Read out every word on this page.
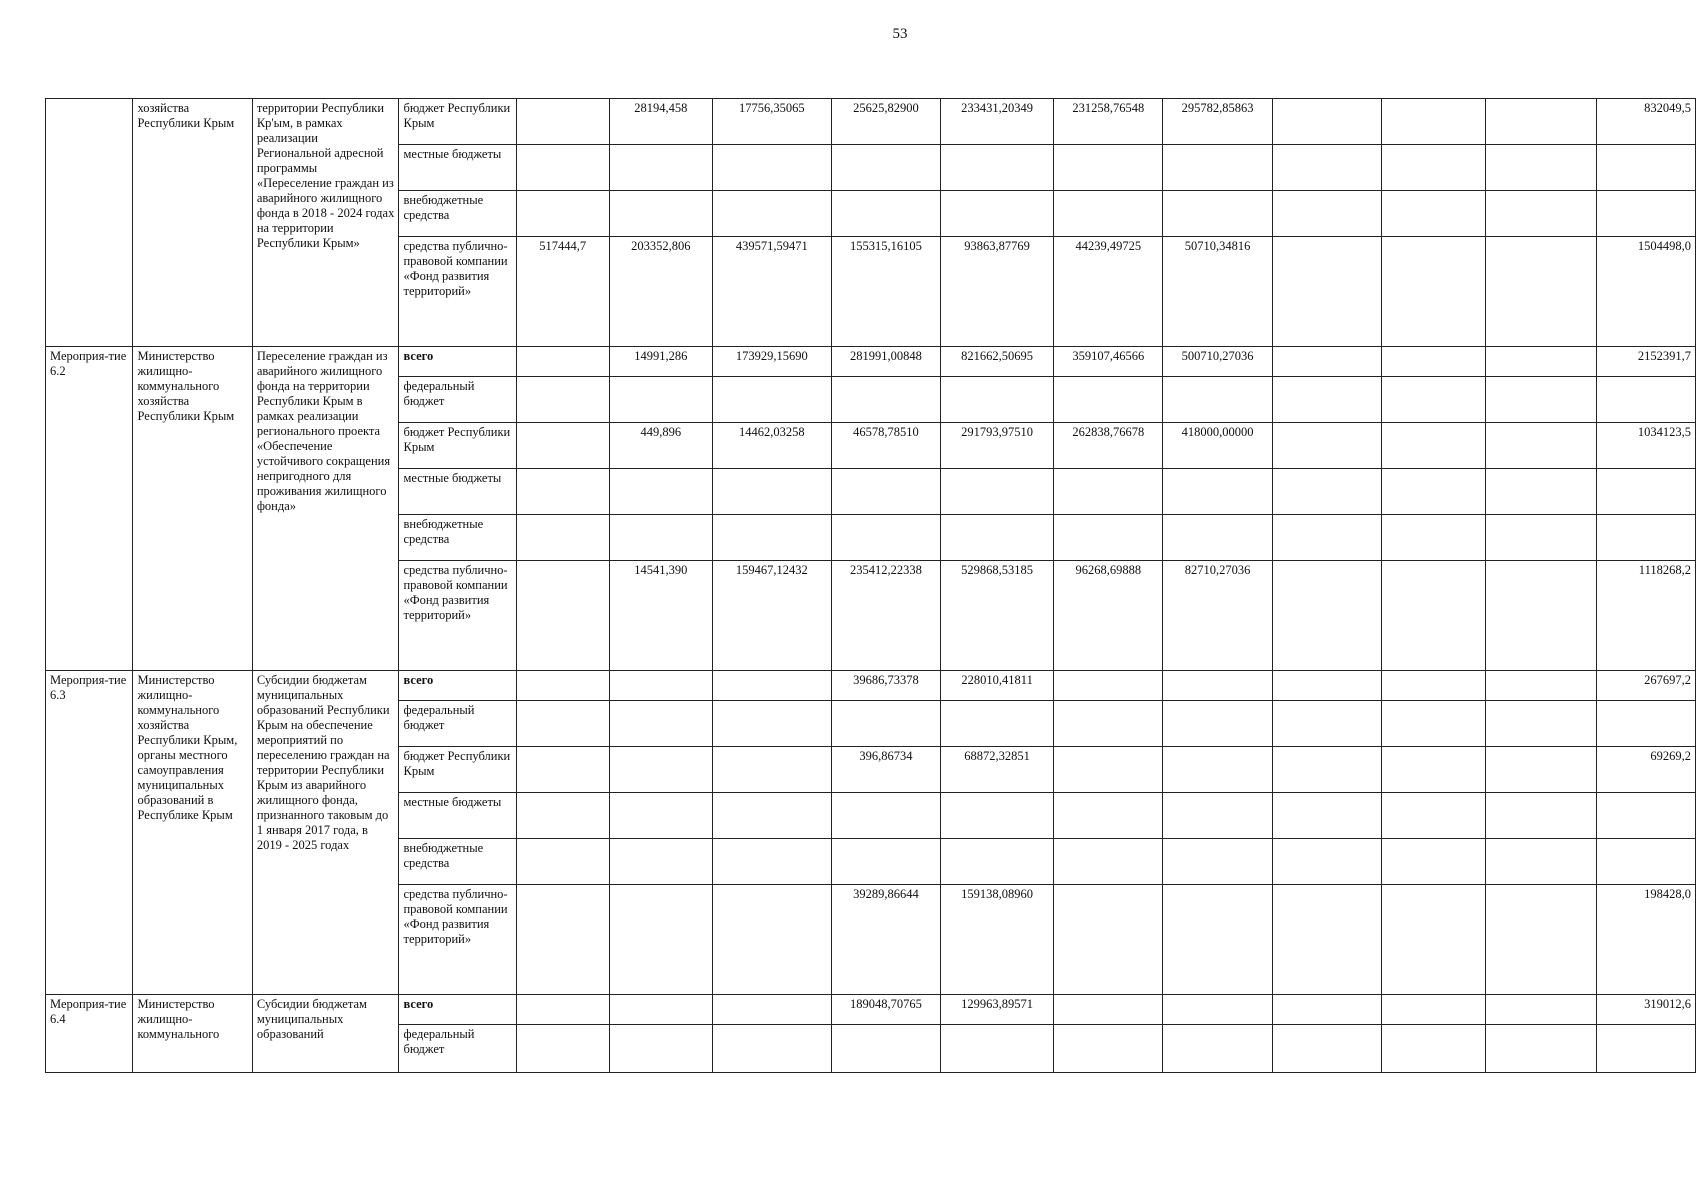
53
	хозяйства Республики Крым	территории Республики Кр'ым, в рамках реализации Региональной адресной программы «Переселение граждан из аварийного жилищного фонда в 2018 - 2024 годах на территории Республики Крым»	бюджет Республики Крым		28194,458	17756,35065	25625,82900	233431,20349	231258,76548	295782,85863				832049,5
			местные бюджеты											
			внебюджетные средства											
			средства публично-правовой компании «Фонд развития территорий»	517444,7	203352,806	439571,59471	155315,16105	93863,87769	44239,49725	50710,34816				1504498,0
Мероприя-тие 6.2	Министерство жилищно-коммунального хозяйства Республики Крым	Переселение граждан из аварийного жилищного фонда на территории Республики Крым в рамках реализации регионального проекта «Обеспечение устойчивого сокращения непригодного для проживания жилищного фонда»	всего		14991,286	173929,15690	281991,00848	821662,50695	359107,46566	500710,27036				2152391,7
			федеральный бюджет											
			бюджет Республики Крым		449,896	14462,03258	46578,78510	291793,97510	262838,76678	418000,00000				1034123,5
			местные бюджеты											
			внебюджетные средства											
			средства публично-правовой компании «Фонд развития территорий»		14541,390	159467,12432	235412,22338	529868,53185	96268,69888	82710,27036				1118268,2
Мероприя-тие 6.3	Министерство жилищно-коммунального хозяйства Республики Крым, органы местного самоуправления муниципальных образований в Республике Крым	Субсидии бюджетам муниципальных образований Республики Крым на обеспечение мероприятий по переселению граждан на территории Республики Крым из аварийного жилищного фонда, признанного таковым до 1 января 2017 года, в 2019 - 2025 годах	всего				39686,73378	228010,41811						267697,2
			федеральный бюджет											
			бюджет Республики Крым				396,86734	68872,32851						69269,2
			местные бюджеты											
			внебюджетные средства											
			средства публично-правовой компании «Фонд развития территорий»				39289,86644	159138,08960						198428,0
Мероприя-тие 6.4	Министерство жилищно-коммунального	Субсидии бюджетам муниципальных образований	всего				189048,70765	129963,89571						319012,6
			федеральный бюджет											
